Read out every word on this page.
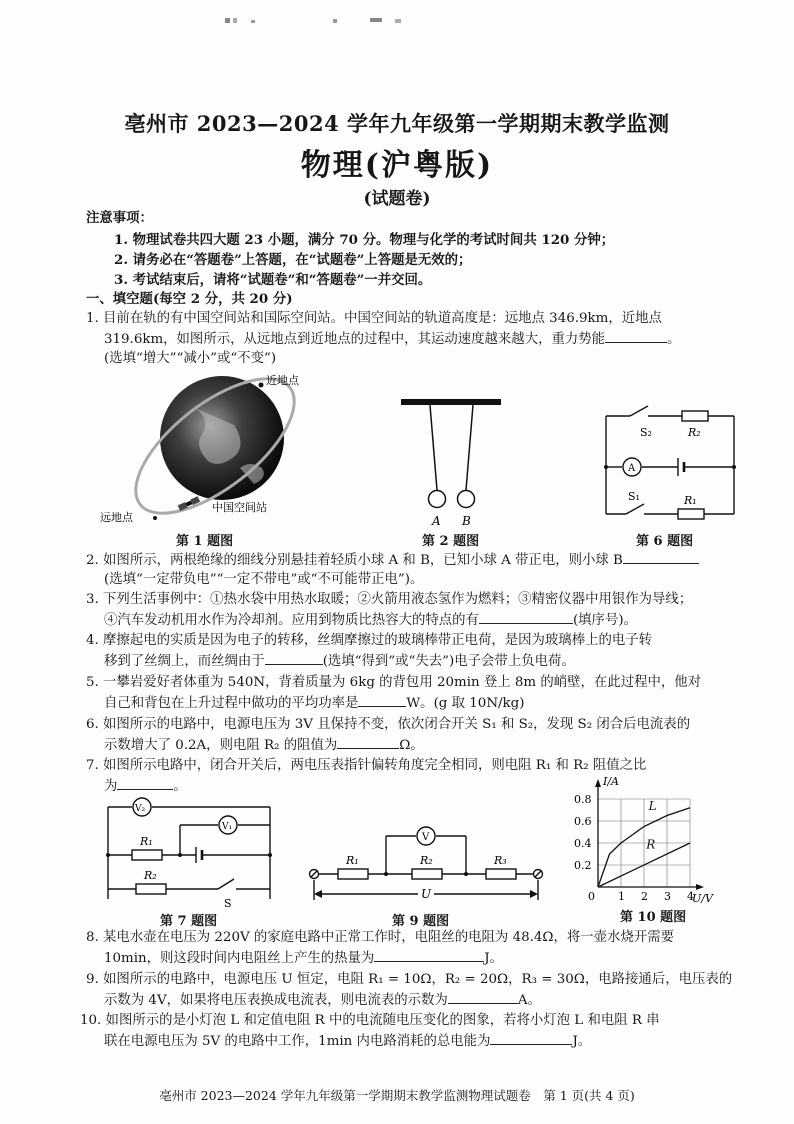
亳州市 2023—2024 学年九年级第一学期期末教学监测
物理(沪粤版)
(试题卷)
注意事项：
1. 物理试卷共四大题 23 小题，满分 70 分。物理与化学的考试时间共 120 分钟；
2. 请务必在“答题卷”上答题，在“试题卷”上答题是无效的；
3. 考试结束后，请将“试题卷”和“答题卷”一并交回。
一、填空题(每空 2 分，共 20 分)
1. 目前在轨的有中国空间站和国际空间站。中国空间站的轨道高度是：远地点 346.9km，近地点
319.6km，如图所示，从远地点到近地点的过程中，其运动速度越来越大，重力势能	。
(选填“增大”“减小”或“不变”)
近地点
远地点
中国空间站
第 1 题图
A B
第 2 题图
S₂	R₂
A
S₁	R₁
第 6 题图
2. 如图所示，两根绝缘的细线分别悬挂着轻质小球 A 和 B，已知小球 A 带正电，则小球 B
(选填“一定带负电”“一定不带电”或“不可能带正电”)。
3. 下列生活事例中：①热水袋中用热水取暖；②火箭用液态氢作为燃料；③精密仪器中用银作为导线；
④汽车发动机用水作为冷却剂。应用到物质比热容大的特点的有	(填序号)。
4. 摩擦起电的实质是因为电子的转移，丝绸摩擦过的玻璃棒带正电荷，是因为玻璃棒上的电子转
移到了丝绸上，而丝绸由于	(选填“得到”或“失去”)电子会带上负电荷。
5. 一攀岩爱好者体重为 540N，背着质量为 6kg 的背包用 20min 登上 8m 的峭壁，在此过程中，他对
自己和背包在上升过程中做功的平均功率是	W。(g 取 10N/kg)
6. 如图所示的电路中，电源电压为 3V 且保持不变，依次闭合开关 S₁ 和 S₂，发现 S₂ 闭合后电流表的
示数增大了 0.2A，则电阻 R₂ 的阻值为	Ω。
7. 如图所示电路中，闭合开关后，两电压表指针偏转角度完全相同，则电阻 R₁ 和 R₂ 阻值之比
为	。
V₂
V₁
R₁
R₂
S
第 7 题图
V
R₁	R₂	R₃
U
第 9 题图
1 2 3 4
0.2
0.4
0.6
0.8	L
R
I/A
U/V
0
第 10 题图
8. 某电水壶在电压为 220V 的家庭电路中正常工作时，电阻丝的电阻为 48.4Ω，将一壶水烧开需要
10min，则这段时间内电阻丝上产生的热量为	J。
9. 如图所示的电路中，电源电压 U 恒定，电阻 R₁ = 10Ω，R₂ = 20Ω，R₃ = 30Ω，电路接通后，电压表的
示数为 4V，如果将电压表换成电流表，则电流表的示数为	A。
10. 如图所示的是小灯泡 L 和定值电阻 R 中的电流随电压变化的图象，若将小灯泡 L 和电阻 R 串
联在电源电压为 5V 的电路中工作，1min 内电路消耗的总电能为	J。
亳州市 2023—2024 学年九年级第一学期期末教学监测物理试题卷　第 1 页(共 4 页)
